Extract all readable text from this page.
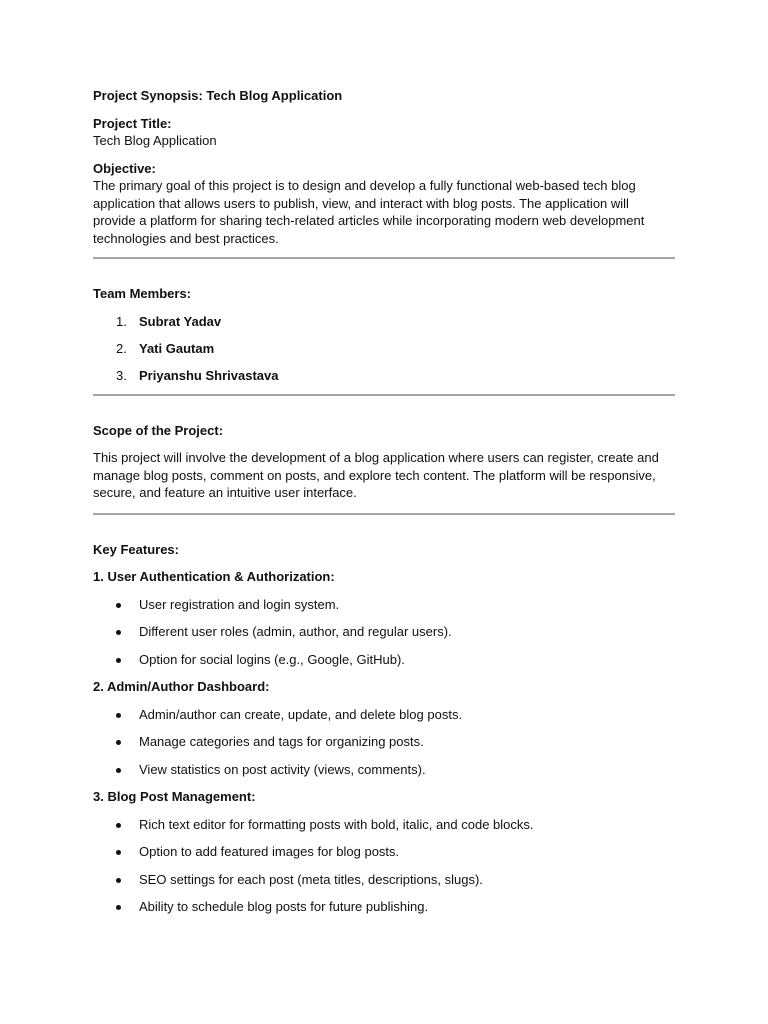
Project Synopsis: Tech Blog Application

Project Title:

Tech Blog Application

Objective:

The primary goal of this project is to design and develop a fully functional web-based tech blog application that allows users to publish, view, and interact with blog posts. The application will provide a platform for sharing tech-related articles while incorporating modern web development technologies and best practices.

Team Members:
1. Subrat Yadav
2. Yati Gautam
3. Priyanshu Shrivastava
Scope of the Project:

This project will involve the development of a blog application where users can register, create and manage blog posts, comment on posts, and explore tech content. The platform will be responsive, secure, and feature an intuitive user interface.

Key Features:
1. User Authentication & Authorization:
User registration and login system.
Different user roles (admin, author, and regular users).
Option for social logins (e.g., Google, GitHub).
2. Admin/Author Dashboard:
Admin/author can create, update, and delete blog posts.
Manage categories and tags for organizing posts.
View statistics on post activity (views, comments).
3. Blog Post Management:
Rich text editor for formatting posts with bold, italic, and code blocks.
Option to add featured images for blog posts.
SEO settings for each post (meta titles, descriptions, slugs).
Ability to schedule blog posts for future publishing.
